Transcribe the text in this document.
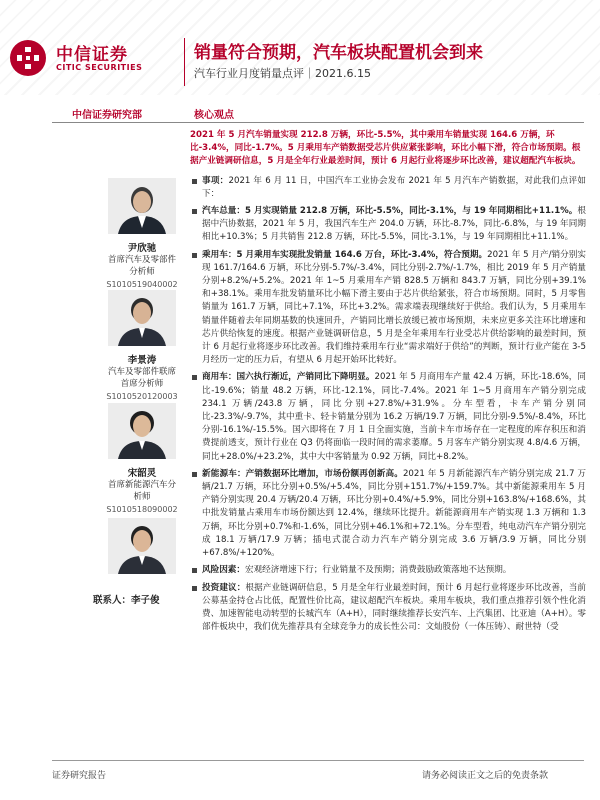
中信证券
CITIC SECURITIES
销量符合预期，汽车板块配置机会到来
汽车行业月度销量点评｜2021.6.15
中信证券研究部	核心观点
尹欣驰
首席汽车及零部件
分析师
S1010519040002
李景涛
汽车及零部件联席
首席分析师
S1010520120003
宋韶灵
首席新能源汽车分
析师
S1010518090002
联系人：李子俊
2021 年 5 月汽车销量实现 212.8 万辆，环比-5.5%，其中乘用车销量实现 164.6 万辆，环比-3.4%，同比-1.7%。5 月乘用车产销数据受芯片供应紧张影响，环比小幅下滑，符合市场预期。根据产业链调研信息，5 月是全年行业最差时间，预计 6 月起行业将逐步环比改善，建议超配汽车板块。
事项：2021 年 6 月 11 日，中国汽车工业协会发布 2021 年 5 月汽车产销数据，对此我们点评如下：
汽车总量：5 月实现销量 212.8 万辆，环比-5.5%，同比-3.1%，与 19 年同期相比+11.1%。根据中汽协数据，2021 年 5 月，我国汽车生产 204.0 万辆，环比-8.7%，同比-6.8%，与 19 年同期相比+10.3%；5 月共销售 212.8 万辆，环比-5.5%，同比-3.1%，与 19 年同期相比+11.1%。
乘用车：5 月乘用车实现批发销量 164.6 万台，环比-3.4%，符合预期。2021 年 5 月产/销分别实现 161.7/164.6 万辆，环比分别-5.7%/-3.4%，同比分别-2.7%/-1.7%，相比 2019 年 5 月产销量分别+8.2%/+5.2%。2021 年 1~5 月乘用车产销 828.5 万辆和 843.7 万辆，同比分别+39.1%和+38.1%。乘用车批发销量环比小幅下滑主要由于芯片供给紧张，符合市场预期。同时，5 月零售销量为 161.7 万辆，同比+7.1%，环比+3.2%。需求端表现继续好于供给。我们认为，5 月乘用车销量伴随着去年同期基数的快速回升，产销同比增长放缓已被市场预期，未来应更多关注环比增速和芯片供给恢复的速度。根据产业链调研信息，5 月是全年乘用车行业受芯片供给影响的最差时间，预计 6 月起行业将逐步环比改善。我们维持乘用车行业“需求端好于供给”的判断，预计行业产能在 3-5 月经历一定的压力后，有望从 6 月起开始环比转好。
商用车：国六执行渐近，产销同比下降明显。2021 年 5 月商用车产量 42.4 万辆，环比-18.6%，同比-19.6%；销量 48.2 万辆，环比-12.1%，同比-7.4%。2021 年 1~5 月商用车产销分别完成 234.1 万辆/243.8 万辆，同比分别+27.8%/+31.9%。分车型看，卡车产销分别同比-23.3%/-9.7%，其中重卡、轻卡销量分别为 16.2 万辆/19.7 万辆，同比分别-9.5%/-8.4%，环比分别-16.1%/-15.5%。国六即将在 7 月 1 日全面实施，当前卡车市场存在一定程度的库存积压和消费提前透支，预计行业在 Q3 仍将面临一段时间的需求萎靡。5 月客车产销分别实现 4.8/4.6 万辆，同比+28.0%/+23.2%，其中大中客销量为 0.92 万辆，同比+8.2%。
新能源车：产销数据环比增加，市场份额再创新高。2021 年 5 月新能源汽车产销分别完成 21.7 万辆/21.7 万辆，环比分别+0.5%/+5.4%，同比分别+151.7%/+159.7%。其中新能源乘用车 5 月产销分别实现 20.4 万辆/20.4 万辆，环比分别+0.4%/+5.9%，同比分别+163.8%/+168.6%，其中批发销量占乘用车市场份额达到 12.4%，继续环比提升。新能源商用车产销实现 1.3 万辆和 1.3 万辆，环比分别+0.7%和-1.6%，同比分别+46.1%和+72.1%。分车型看，纯电动汽车产销分别完成 18.1 万辆/17.9 万辆；插电式混合动力汽车产销分别完成 3.6 万辆/3.9 万辆，同比分别+67.8%/+120%。
风险因素：宏观经济增速下行；行业销量不及预期；消费鼓励政策落地不达预期。
投资建议：根据产业链调研信息，5 月是全年行业最差时间，预计 6 月起行业将逐步环比改善，当前公募基金持仓占比低，配置性价比高，建议超配汽车板块。乘用车板块，我们重点推荐引领个性化消费、加速智能电动转型的长城汽车（A+H），同时继续推荐长安汽车、上汽集团、比亚迪（A+H）。零部件板块中，我们优先推荐具有全球竞争力的成长性公司：文灿股份（一体压铸）、耐世特（受
证券研究报告	请务必阅读正文之后的免责条款
